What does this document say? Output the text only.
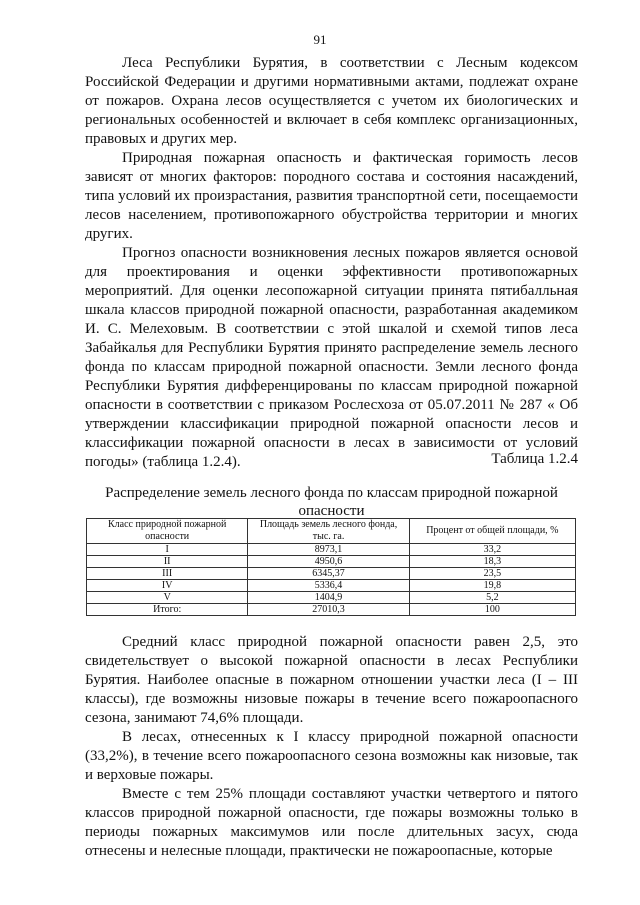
91

Леса Республики Бурятия, в соответствии с Лесным кодексом Российской Федерации и другими нормативными актами, подлежат охране от пожаров. Охрана лесов осуществляется с учетом их биологических и региональных особенностей и включает в себя комплекс организационных, правовых и других мер.

Природная пожарная опасность и фактическая горимость лесов зависят от многих факторов: породного состава и состояния насаждений, типа условий их произрастания, развития транспортной сети, посещаемости лесов населением, противопожарного обустройства территории и многих других.

Прогноз опасности возникновения лесных пожаров является основой для проектирования и оценки эффективности противопожарных мероприятий. Для оценки лесопожарной ситуации принята пятибалльная шкала классов природной пожарной опасности, разработанная академиком И. С. Мелеховым. В соответствии с этой шкалой и схемой типов леса Забайкалья для Республики Бурятия принято распределение земель лесного фонда по классам природной пожарной опасности. Земли лесного фонда Республики Бурятия дифференцированы по классам природной пожарной опасности в соответствии с приказом Рослесхоза от 05.07.2011 № 287 « Об утверждении классификации природной пожарной опасности лесов и классификации пожарной опасности в лесах в зависимости от условий погоды» (таблица 1.2.4).	Таблица 1.2.4
Распределение земель лесного фонда по классам природной пожарной опасности
Класс природной пожарной опасности	Площадь земель лесного фонда, тыс. га.	Процент от общей площади, %
I	8973,1	33,2
II	4950,6	18,3
III	6345,37	23,5
IV	5336,4	19,8
V	1404,9	5,2
Итого:	27010,3	100

Средний класс природной пожарной опасности равен 2,5, это свидетельствует о высокой пожарной опасности в лесах Республики Бурятия. Наиболее опасные в пожарном отношении участки леса (I – III классы), где возможны низовые пожары в течение всего пожароопасного сезона, занимают 74,6% площади.

В лесах, отнесенных к I классу природной пожарной опасности (33,2%), в течение всего пожароопасного сезона возможны как низовые, так и верховые пожары.

Вместе с тем 25% площади составляют участки четвертого и пятого классов природной пожарной опасности, где пожары возможны только в периоды пожарных максимумов или после длительных засух, сюда отнесены и нелесные площади, практически не пожароопасные, которые
